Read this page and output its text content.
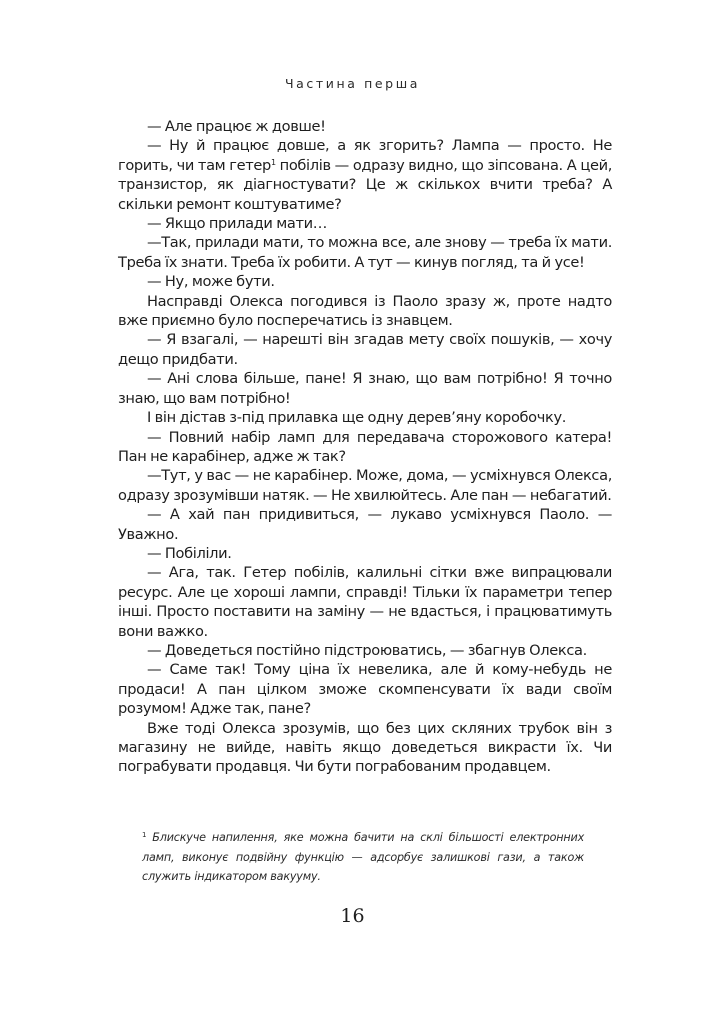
Частина перша

— Але працює ж довше!

— Ну й працює довше, а як згорить? Лампа — просто. Не горить, чи там гетер$^1$ побілів — одразу видно, що зіпсована. А цей, транзистор, як діагностувати? Це ж скількох вчити треба? А скільки ремонт коштуватиме?

— Якщо прилади мати…

—Так, прилади мати, то можна все, але знову — треба їх мати. Треба їх знати. Треба їх робити. А тут — кинув погляд, та й усе!

— Ну, може бути.

Насправді Олекса погодився із Паоло зразу ж, проте надто вже приємно було посперечатись із знавцем.

— Я взагалі, — нарешті він згадав мету своїх пошуків, — хочу дещо придбати.

— Ані слова більше, пане! Я знаю, що вам потрібно! Я точно знаю, що вам потрібно!

І він дістав з-під прилавка ще одну дерев’яну коробочку.

— Повний набір ламп для передавача сторожового катера! Пан не карабінер, адже ж так?

—Тут, у вас — не карабінер. Може, дома, — усміхнувся Олекса, одразу зрозумівши натяк. — Не хвилюйтесь. Але пан — небагатий.

— А хай пан придивиться, — лукаво усміхнувся Паоло. — Уважно.

— Побіліли.

— Ага, так. Гетер побілів, калильні сітки вже випрацювали ресурс. Але це хороші лампи, справді! Тільки їх параметри тепер інші. Просто поставити на заміну — не вдасться, і працюватимуть вони важко.

— Доведеться постійно підстроюватись, — збагнув Олекса.

— Саме так! Тому ціна їх невелика, але й кому-небудь не продаси! А пан цілком зможе скомпенсувати їх вади своїм розумом! Адже так, пане?

Вже тоді Олекса зрозумів, що без цих скляних трубок він з магазину не вийде, навіть якщо доведеться викрасти їх. Чи пограбувати продавця. Чи бути пограбованим продавцем.

$^1$ Блискуче напилення, яке можна бачити на склі більшості електронних ламп, виконує подвійну функцію — адсорбує залишкові гази, а також служить індикатором вакууму.
16
